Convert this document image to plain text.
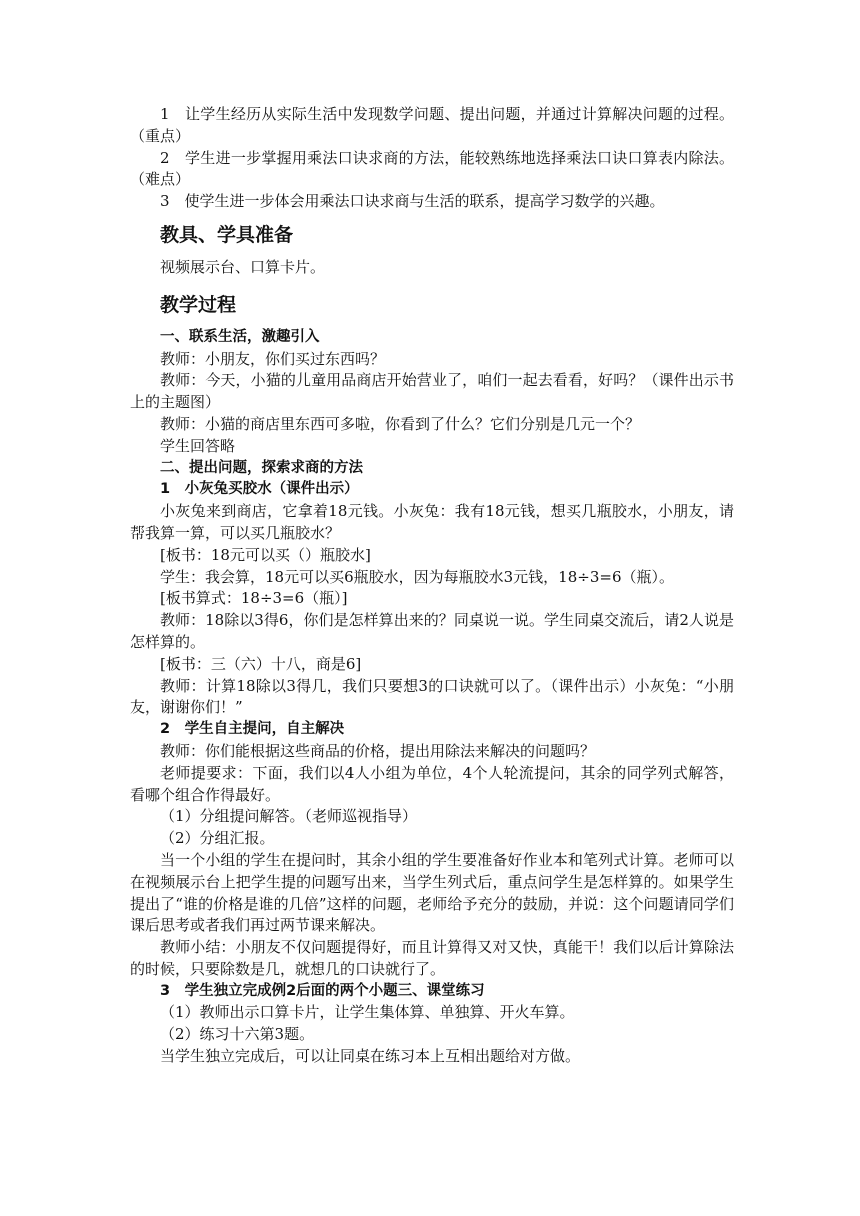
1　让学生经历从实际生活中发现数学问题、提出问题，并通过计算解决问题的过程。（重点）

2　学生进一步掌握用乘法口诀求商的方法，能较熟练地选择乘法口诀口算表内除法。（难点）

3　使学生进一步体会用乘法口诀求商与生活的联系，提高学习数学的兴趣。

教具、学具准备

视频展示台、口算卡片。

教学过程

一、联系生活，激趣引入

教师：小朋友，你们买过东西吗？

教师：今天，小猫的儿童用品商店开始营业了，咱们一起去看看，好吗？（课件出示书上的主题图）

教师：小猫的商店里东西可多啦，你看到了什么？它们分别是几元一个？

学生回答略

二、提出问题，探索求商的方法

1　小灰兔买胶水（课件出示）

小灰兔来到商店，它拿着18元钱。小灰兔：我有18元钱，想买几瓶胶水，小朋友，请帮我算一算，可以买几瓶胶水？

[板书：18元可以买（）瓶胶水]

学生：我会算，18元可以买6瓶胶水，因为每瓶胶水3元钱，18÷3=6（瓶）。

[板书算式：18÷3=6（瓶）]

教师：18除以3得6，你们是怎样算出来的？同桌说一说。学生同桌交流后，请2人说是怎样算的。

[板书：三（六）十八，商是6]

教师：计算18除以3得几，我们只要想3的口诀就可以了。（课件出示）小灰兔：“小朋友，谢谢你们！”

2　学生自主提问，自主解决

教师：你们能根据这些商品的价格，提出用除法来解决的问题吗？

老师提要求：下面，我们以4人小组为单位，4个人轮流提问，其余的同学列式解答，看哪个组合作得最好。

（1）分组提问解答。（老师巡视指导）

（2）分组汇报。

当一个小组的学生在提问时，其余小组的学生要准备好作业本和笔列式计算。老师可以在视频展示台上把学生提的问题写出来，当学生列式后，重点问学生是怎样算的。如果学生提出了“谁的价格是谁的几倍”这样的问题，老师给予充分的鼓励，并说：这个问题请同学们课后思考或者我们再过两节课来解决。

教师小结：小朋友不仅问题提得好，而且计算得又对又快，真能干！我们以后计算除法的时候，只要除数是几，就想几的口诀就行了。

3　学生独立完成例2后面的两个小题三、课堂练习

（1）教师出示口算卡片，让学生集体算、单独算、开火车算。

（2）练习十六第3题。

当学生独立完成后，可以让同桌在练习本上互相出题给对方做。
